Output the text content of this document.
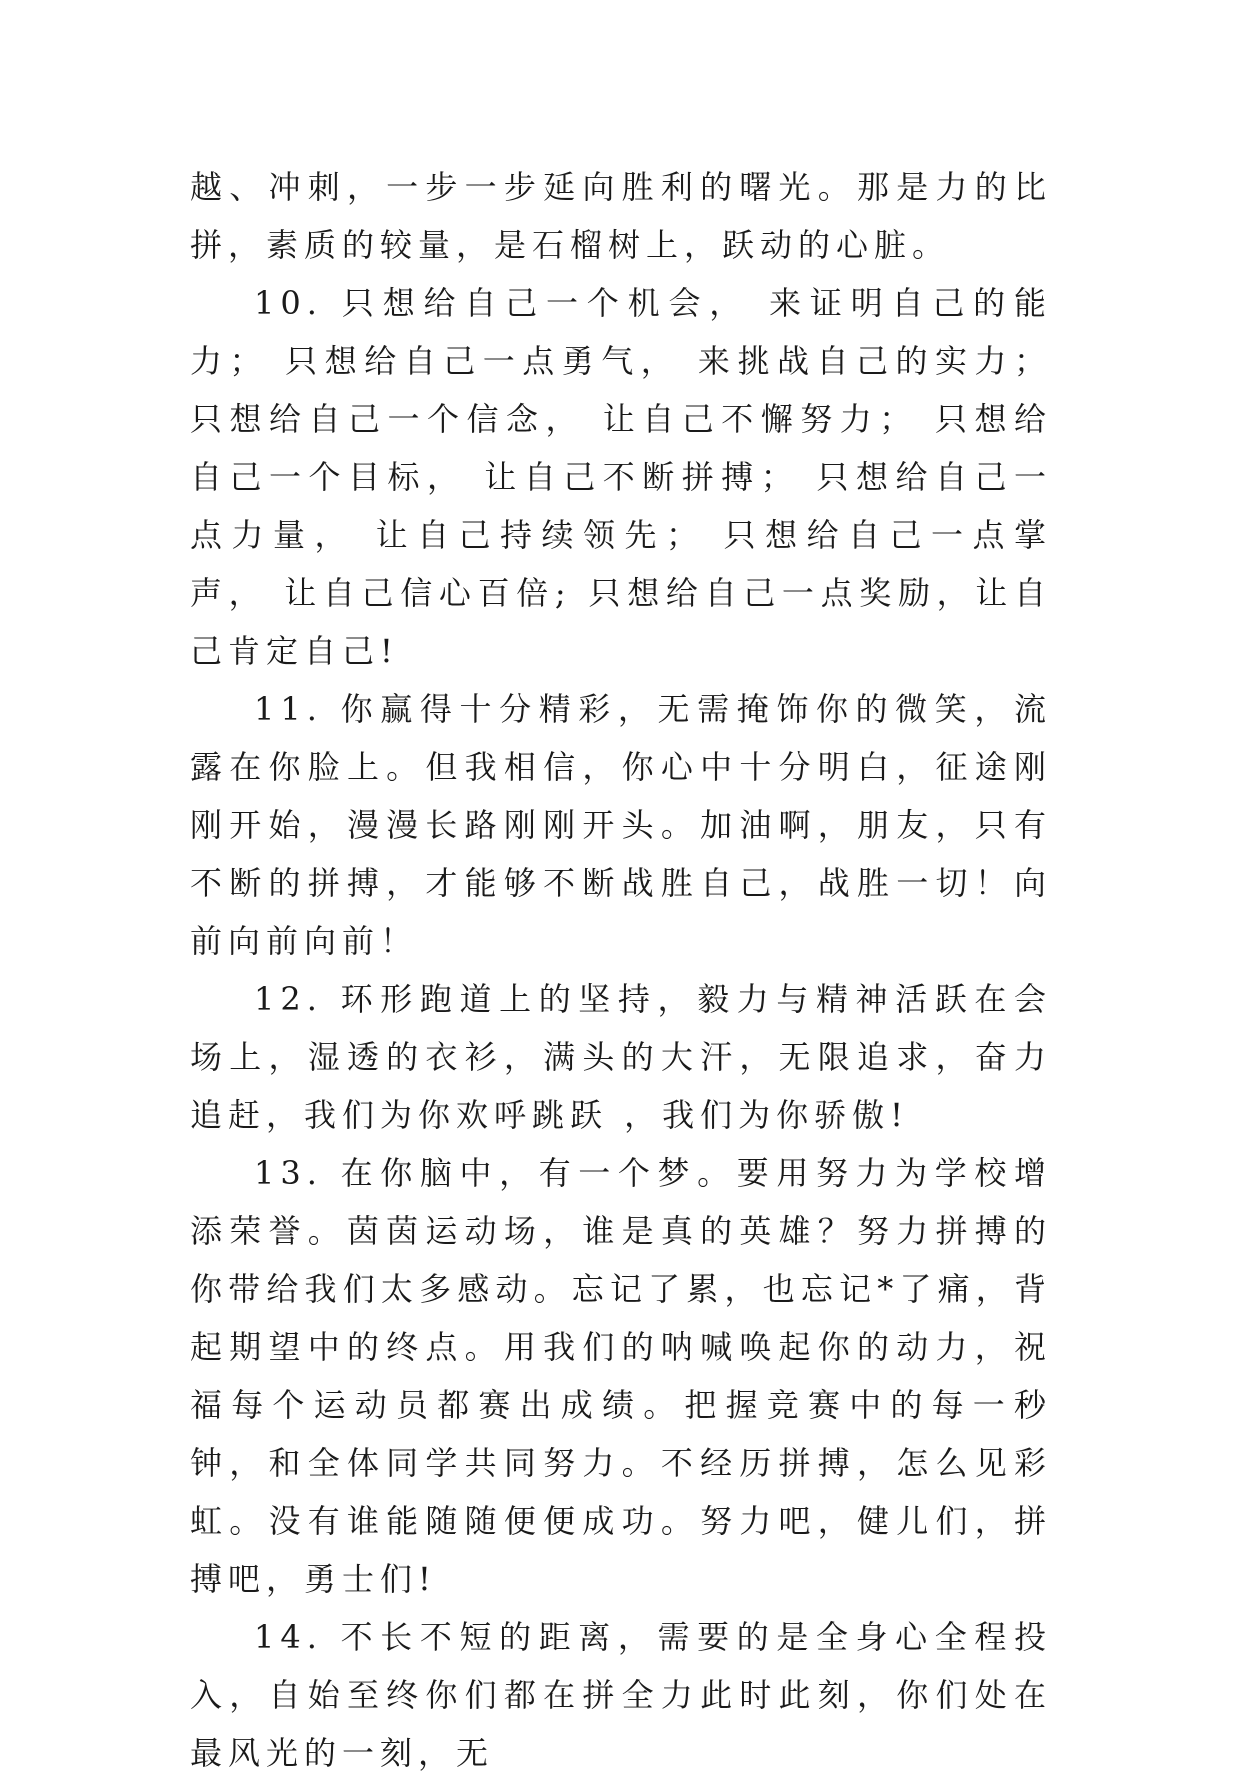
越、冲刺，一步一步延向胜利的曙光。那是力的比拼，素质的较量，是石榴树上，跃动的心脏。

10. 只想给自己一个机会， 来证明自己的能力； 只想给自己一点勇气， 来挑战自己的实力； 只想给自己一个信念， 让自己不懈努力； 只想给自己一个目标， 让自己不断拼搏； 只想给自己一点力量， 让自己持续领先； 只想给自己一点掌声， 让自己信心百倍; 只想给自己一点奖励，让自己肯定自己!

11. 你赢得十分精彩，无需掩饰你的微笑，流露在你脸上。但我相信，你心中十分明白，征途刚刚开始，漫漫长路刚刚开头。加油啊，朋友，只有不断的拼搏，才能够不断战胜自己，战胜一切！向前向前向前！

12. 环形跑道上的坚持，毅力与精神活跃在会场上，湿透的衣衫，满头的大汗，无限追求，奋力追赶，我们为你欢呼跳跃 ，我们为你骄傲!

13. 在你脑中，有一个梦。要用努力为学校增添荣誉。茵茵运动场，谁是真的英雄？努力拼搏的你带给我们太多感动。忘记了累，也忘记*了痛，背起期望中的终点。用我们的呐喊唤起你的动力，祝福每个运动员都赛出成绩。把握竞赛中的每一秒钟，和全体同学共同努力。不经历拼搏，怎么见彩虹。没有谁能随随便便成功。努力吧，健儿们，拼搏吧，勇士们!

14. 不长不短的距离，需要的是全身心全程投入，自始至终你们都在拼全力此时此刻，你们处在最风光的一刻，无
